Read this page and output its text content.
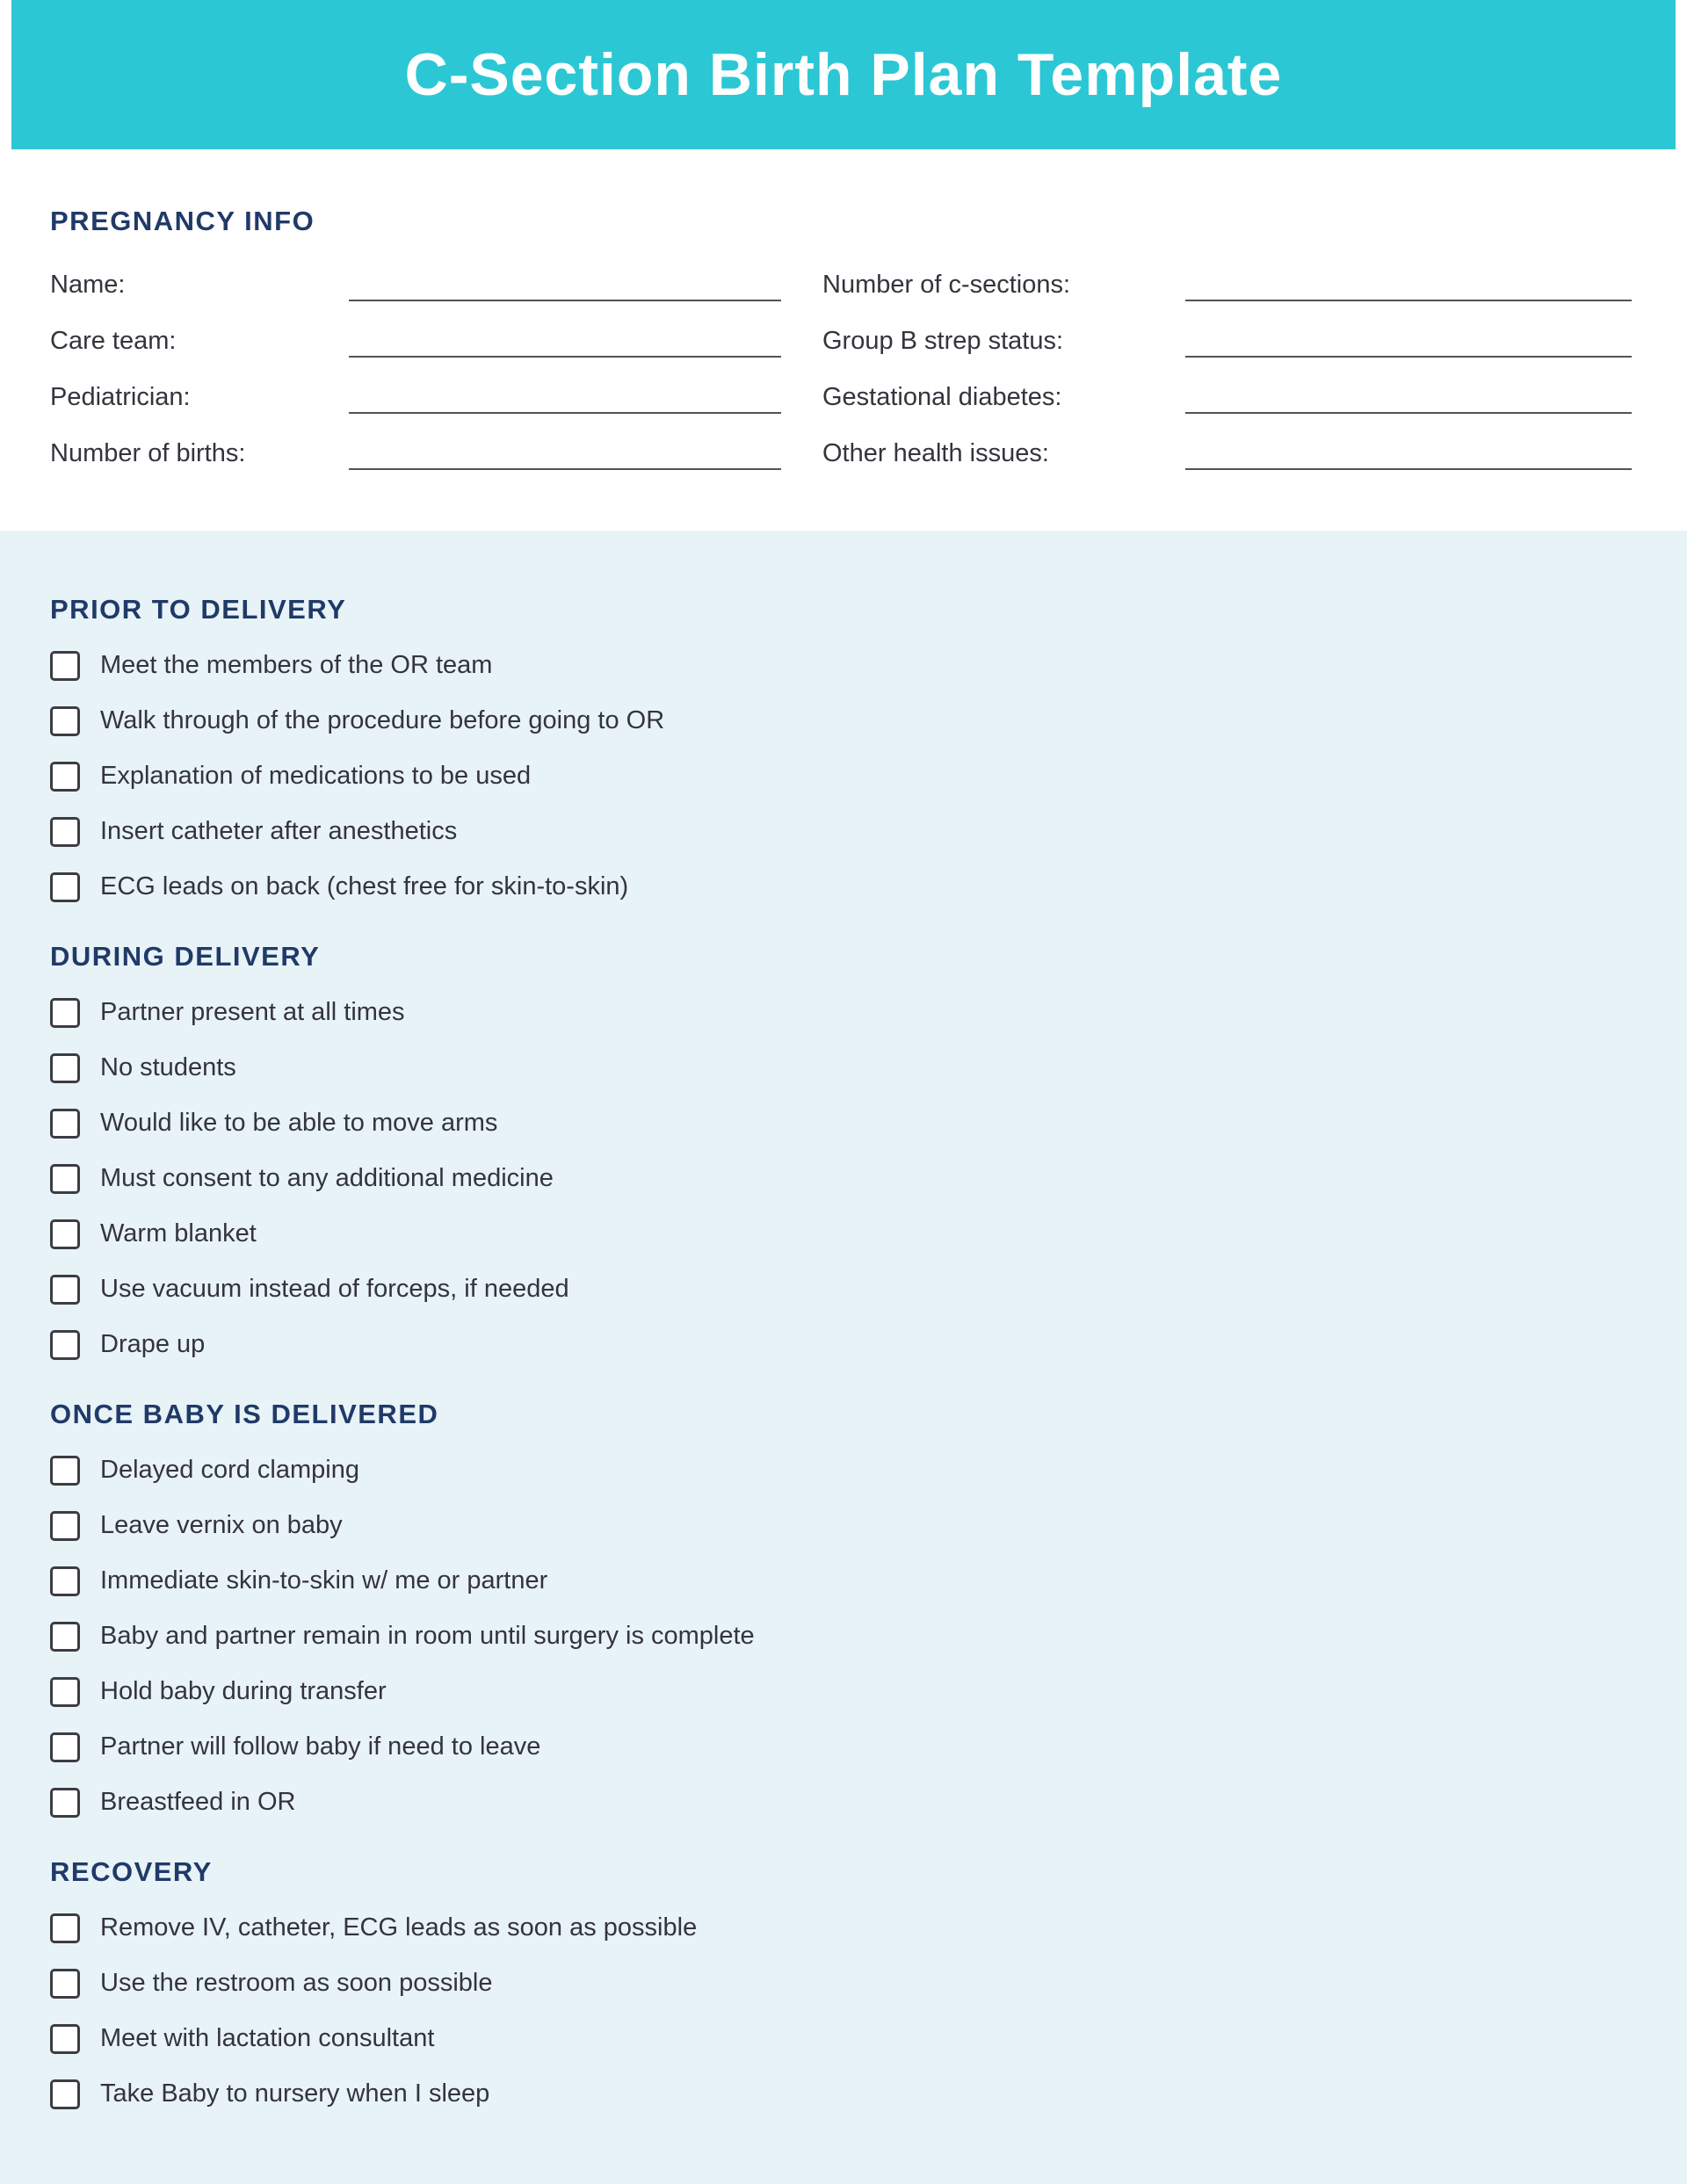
C-Section Birth Plan Template
PREGNANCY INFO
Name:	Number of c-sections:
Care team:	Group B strep status:
Pediatrician:	Gestational diabetes:
Number of births:	Other health issues:
PRIOR TO DELIVERY
Meet the members of the OR team
Walk through of the procedure before going to OR
Explanation of medications to be used
Insert catheter after anesthetics
ECG leads on back (chest free for skin-to-skin)
DURING DELIVERY
Partner present at all times
No students
Would like to be able to move arms
Must consent to any additional medicine
Warm blanket
Use vacuum instead of forceps, if needed
Drape up
ONCE BABY IS DELIVERED
Delayed cord clamping
Leave vernix on baby
Immediate skin-to-skin w/ me or partner
Baby and partner remain in room until surgery is complete
Hold baby during transfer
Partner will follow baby if need to leave
Breastfeed in OR
RECOVERY
Remove IV, catheter, ECG leads as soon as possible
Use the restroom as soon possible
Meet with lactation consultant
Take Baby to nursery when I sleep
